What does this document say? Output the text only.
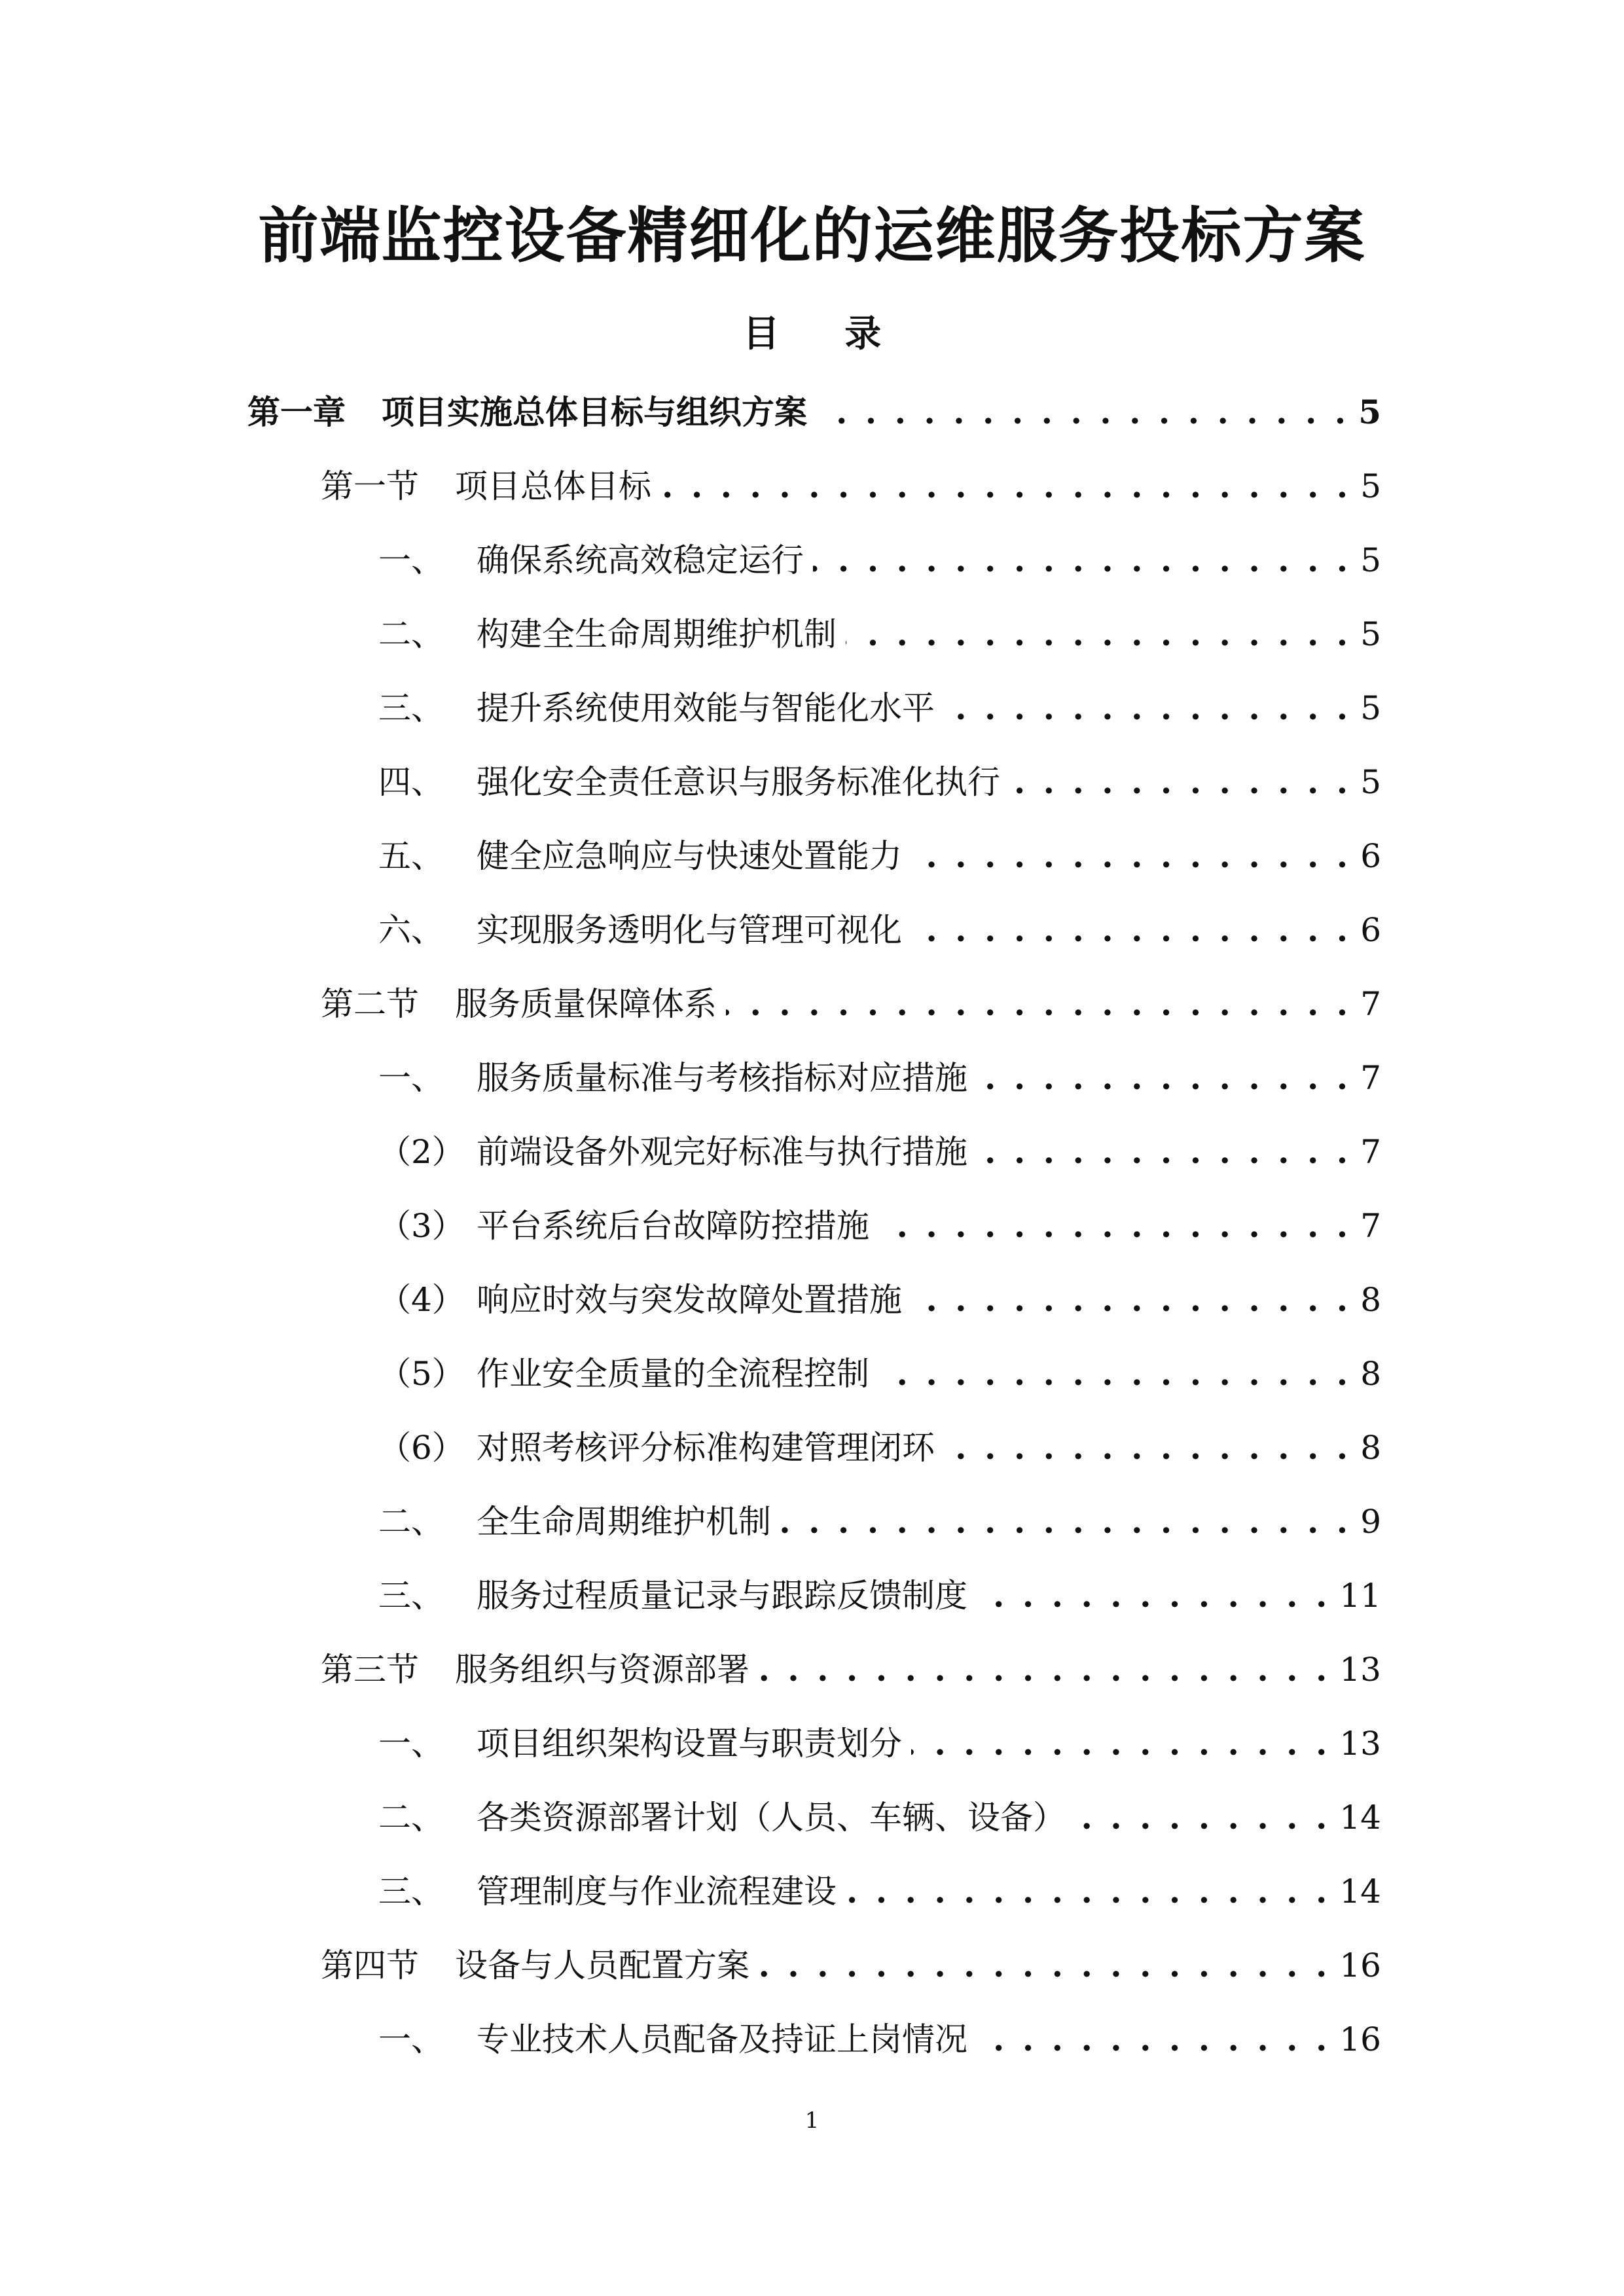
前端监控设备精细化的运维服务投标方案
目 录
第一章	项目实施总体目标与组织方案 . . .	5
第一节	项目总体目标 . . .	5
一、	确保系统高效稳定运行 . . .	5
二、	构建全生命周期维护机制 . . .	5
三、	提升系统使用效能与智能化水平 . . .	5
四、	强化安全责任意识与服务标准化执行 . . .	5
五、	健全应急响应与快速处置能力 . . .	6
六、	实现服务透明化与管理可视化 . . .	6
第二节	服务质量保障体系 . . .	7
一、	服务质量标准与考核指标对应措施 . . .	7
（2） 前端设备外观完好标准与执行措施 . . .	7
（3） 平台系统后台故障防控措施 . . .	7
（4） 响应时效与突发故障处置措施 . . .	8
（5） 作业安全质量的全流程控制 . . .	8
（6） 对照考核评分标准构建管理闭环 . . .	8
二、	全生命周期维护机制 . . .	9
三、	服务过程质量记录与跟踪反馈制度 . . .	11
第三节	服务组织与资源部署 . . .	13
一、	项目组织架构设置与职责划分 . . .	13
二、	各类资源部署计划（人员、车辆、设备） . . .	14
三、	管理制度与作业流程建设 . . .	14
第四节	设备与人员配置方案 . . .	16
一、	专业技术人员配备及持证上岗情况 . . .	16
1
